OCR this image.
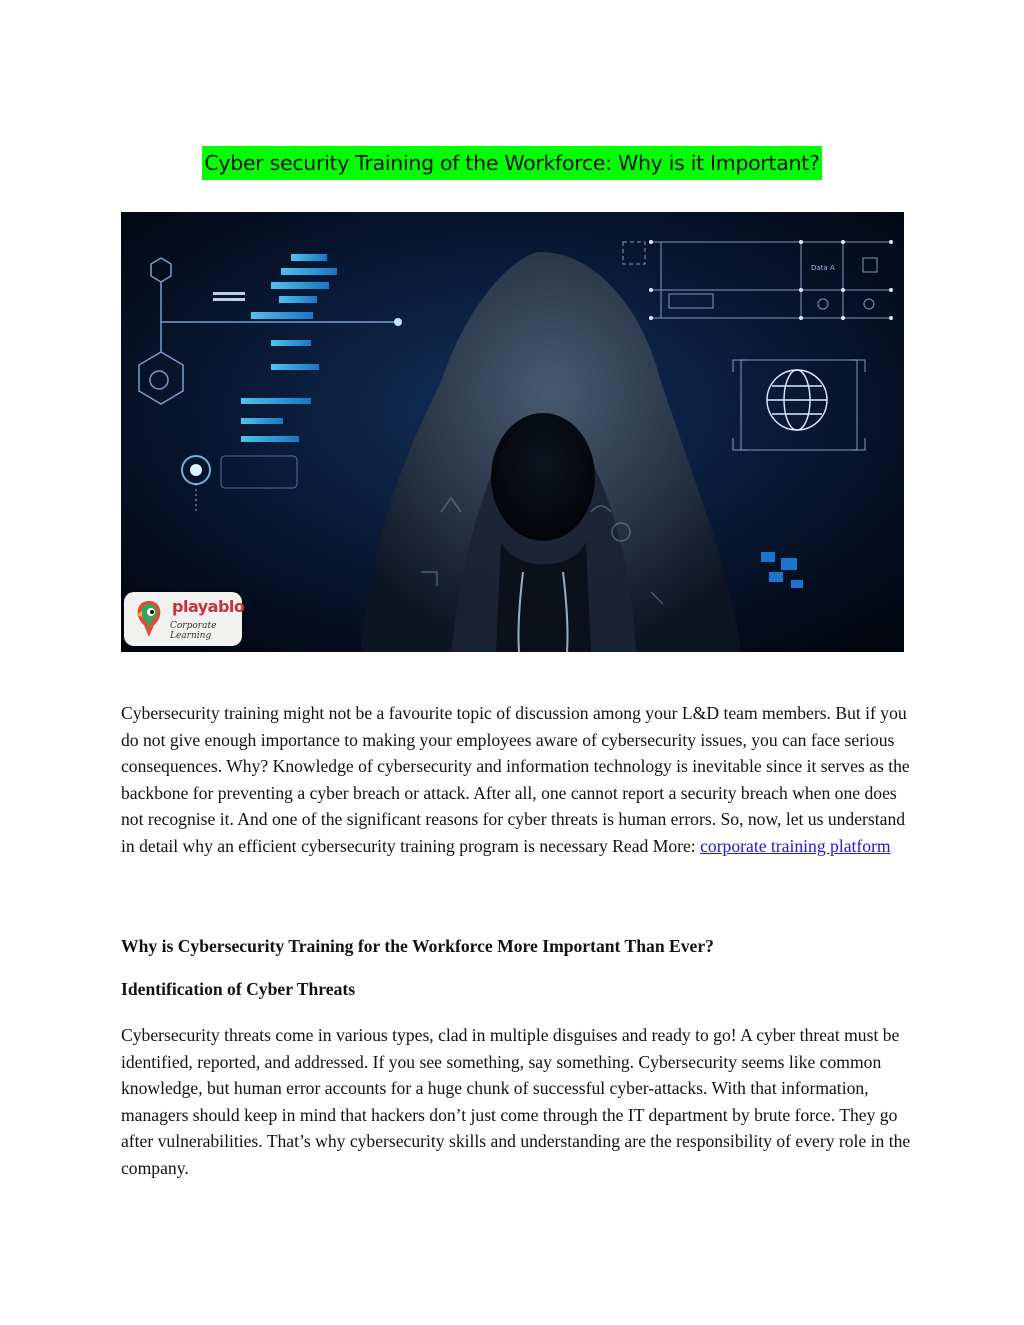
Cyber security Training of the Workforce: Why is it Important?
Data A
playablo
Corporate Learning

Cybersecurity training might not be a favourite topic of discussion among your L&D team members. But if you do not give enough importance to making your employees aware of cybersecurity issues, you can face serious consequences. Why? Knowledge of cybersecurity and information technology is inevitable since it serves as the backbone for preventing a cyber breach or attack. After all, one cannot report a security breach when one does not recognise it. And one of the significant reasons for cyber threats is human errors. So, now, let us understand in detail why an efficient cybersecurity training program is necessary Read More: corporate training platform

Why is Cybersecurity Training for the Workforce More Important Than Ever?

Identification of Cyber Threats

Cybersecurity threats come in various types, clad in multiple disguises and ready to go! A cyber threat must be identified, reported, and addressed. If you see something, say something. Cybersecurity seems like common knowledge, but human error accounts for a huge chunk of successful cyber-attacks. With that information, managers should keep in mind that hackers don’t just come through the IT department by brute force. They go after vulnerabilities. That’s why cybersecurity skills and understanding are the responsibility of every role in the company.
